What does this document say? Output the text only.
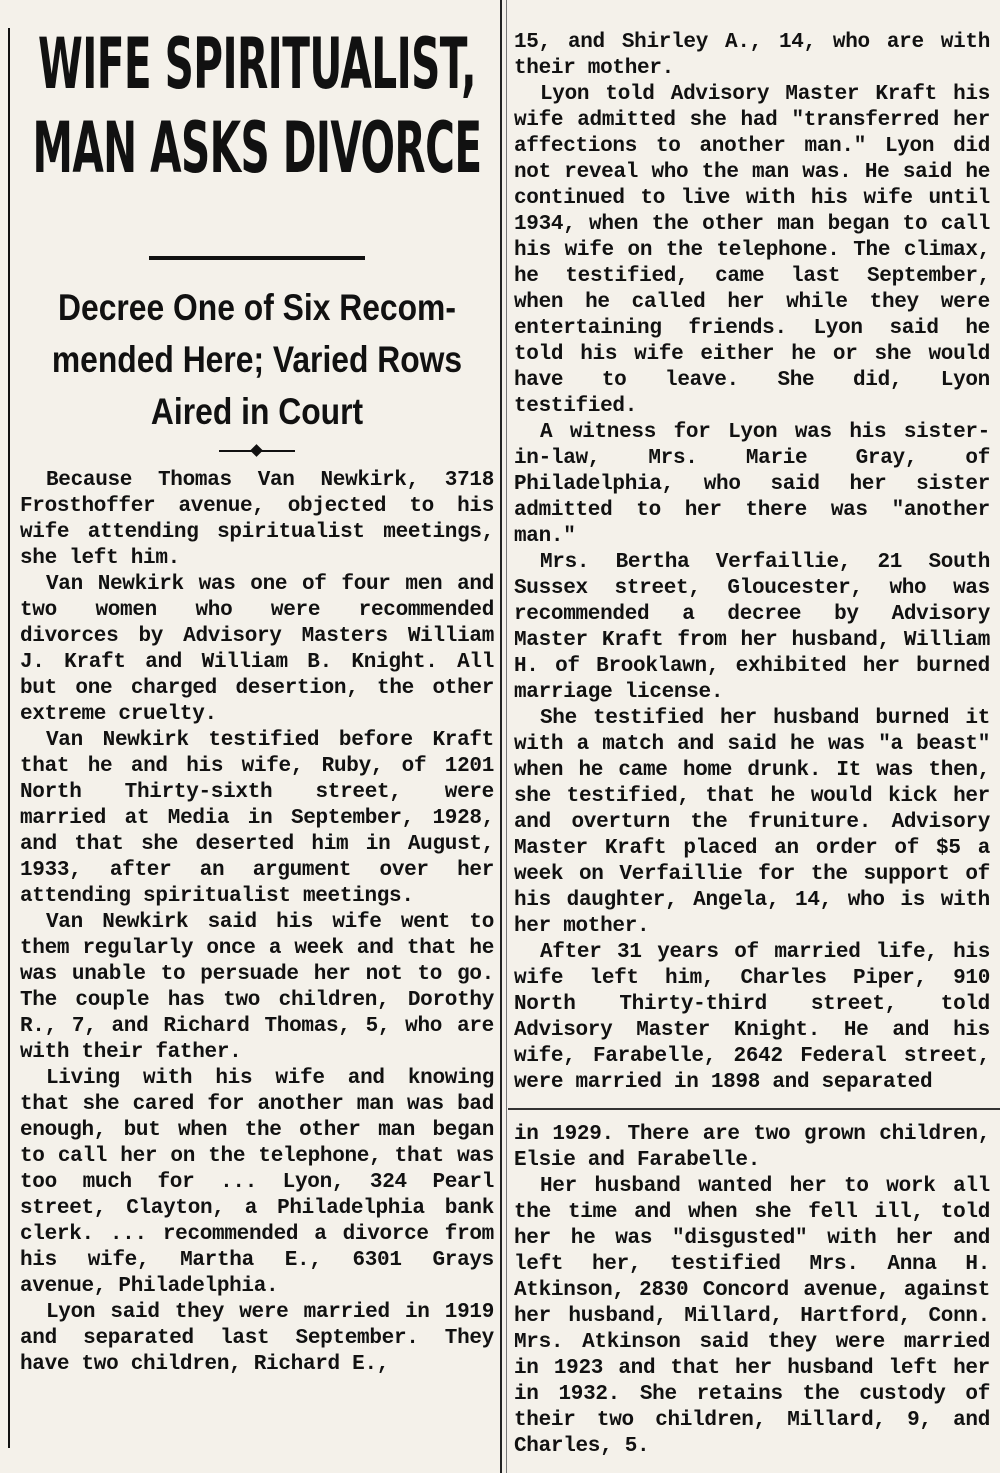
WIFE SPIRITUALIST,
MAN ASKS DIVORCE
Decree One of Six Recom-
mended Here; Varied Rows
Aired in Court

Because Thomas Van Newkirk, 3718 Frosthoffer avenue, objected to his wife attending spiritualist meetings, she left him.

Van Newkirk was one of four men and two women who were recommended divorces by Advisory Masters William J. Kraft and William B. Knight. All but one charged desertion, the other extreme cruelty.

Van Newkirk testified before Kraft that he and his wife, Ruby, of 1201 North Thirty-sixth street, were married at Media in September, 1928, and that she deserted him in August, 1933, after an argument over her attending spiritualist meetings.

Van Newkirk said his wife went to them regularly once a week and that he was unable to persuade her not to go. The couple has two children, Dorothy R., 7, and Richard Thomas, 5, who are with their father.

Living with his wife and knowing that she cared for another man was bad enough, but when the other man began to call her on the telephone, that was too much for ... Lyon, 324 Pearl street, Clayton, a Philadelphia bank clerk. ... recommended a divorce from his wife, Martha E., 6301 Grays avenue, Philadelphia.

Lyon said they were married in 1919 and separated last September. They have two children, Richard E.,

15, and Shirley A., 14, who are with their mother.

Lyon told Advisory Master Kraft his wife admitted she had "transferred her affections to another man." Lyon did not reveal who the man was. He said he continued to live with his wife until 1934, when the other man began to call his wife on the telephone. The climax, he testified, came last September, when he called her while they were entertaining friends. Lyon said he told his wife either he or she would have to leave. She did, Lyon testified.

A witness for Lyon was his sister-in-law, Mrs. Marie Gray, of Philadelphia, who said her sister admitted to her there was "another man."

Mrs. Bertha Verfaillie, 21 South Sussex street, Gloucester, who was recommended a decree by Advisory Master Kraft from her husband, William H. of Brooklawn, exhibited her burned marriage license.

She testified her husband burned it with a match and said he was "a beast" when he came home drunk. It was then, she testified, that he would kick her and overturn the fruniture. Advisory Master Kraft placed an order of $5 a week on Verfaillie for the support of his daughter, Angela, 14, who is with her mother.

After 31 years of married life, his wife left him, Charles Piper, 910 North Thirty-third street, told Advisory Master Knight. He and his wife, Farabelle, 2642 Federal street, were married in 1898 and separated

in 1929. There are two grown children, Elsie and Farabelle.

Her husband wanted her to work all the time and when she fell ill, told her he was "disgusted" with her and left her, testified Mrs. Anna H. Atkinson, 2830 Concord avenue, against her husband, Millard, Hartford, Conn. Mrs. Atkinson said they were married in 1923 and that her husband left her in 1932. She retains the custody of their two children, Millard, 9, and Charles, 5.
